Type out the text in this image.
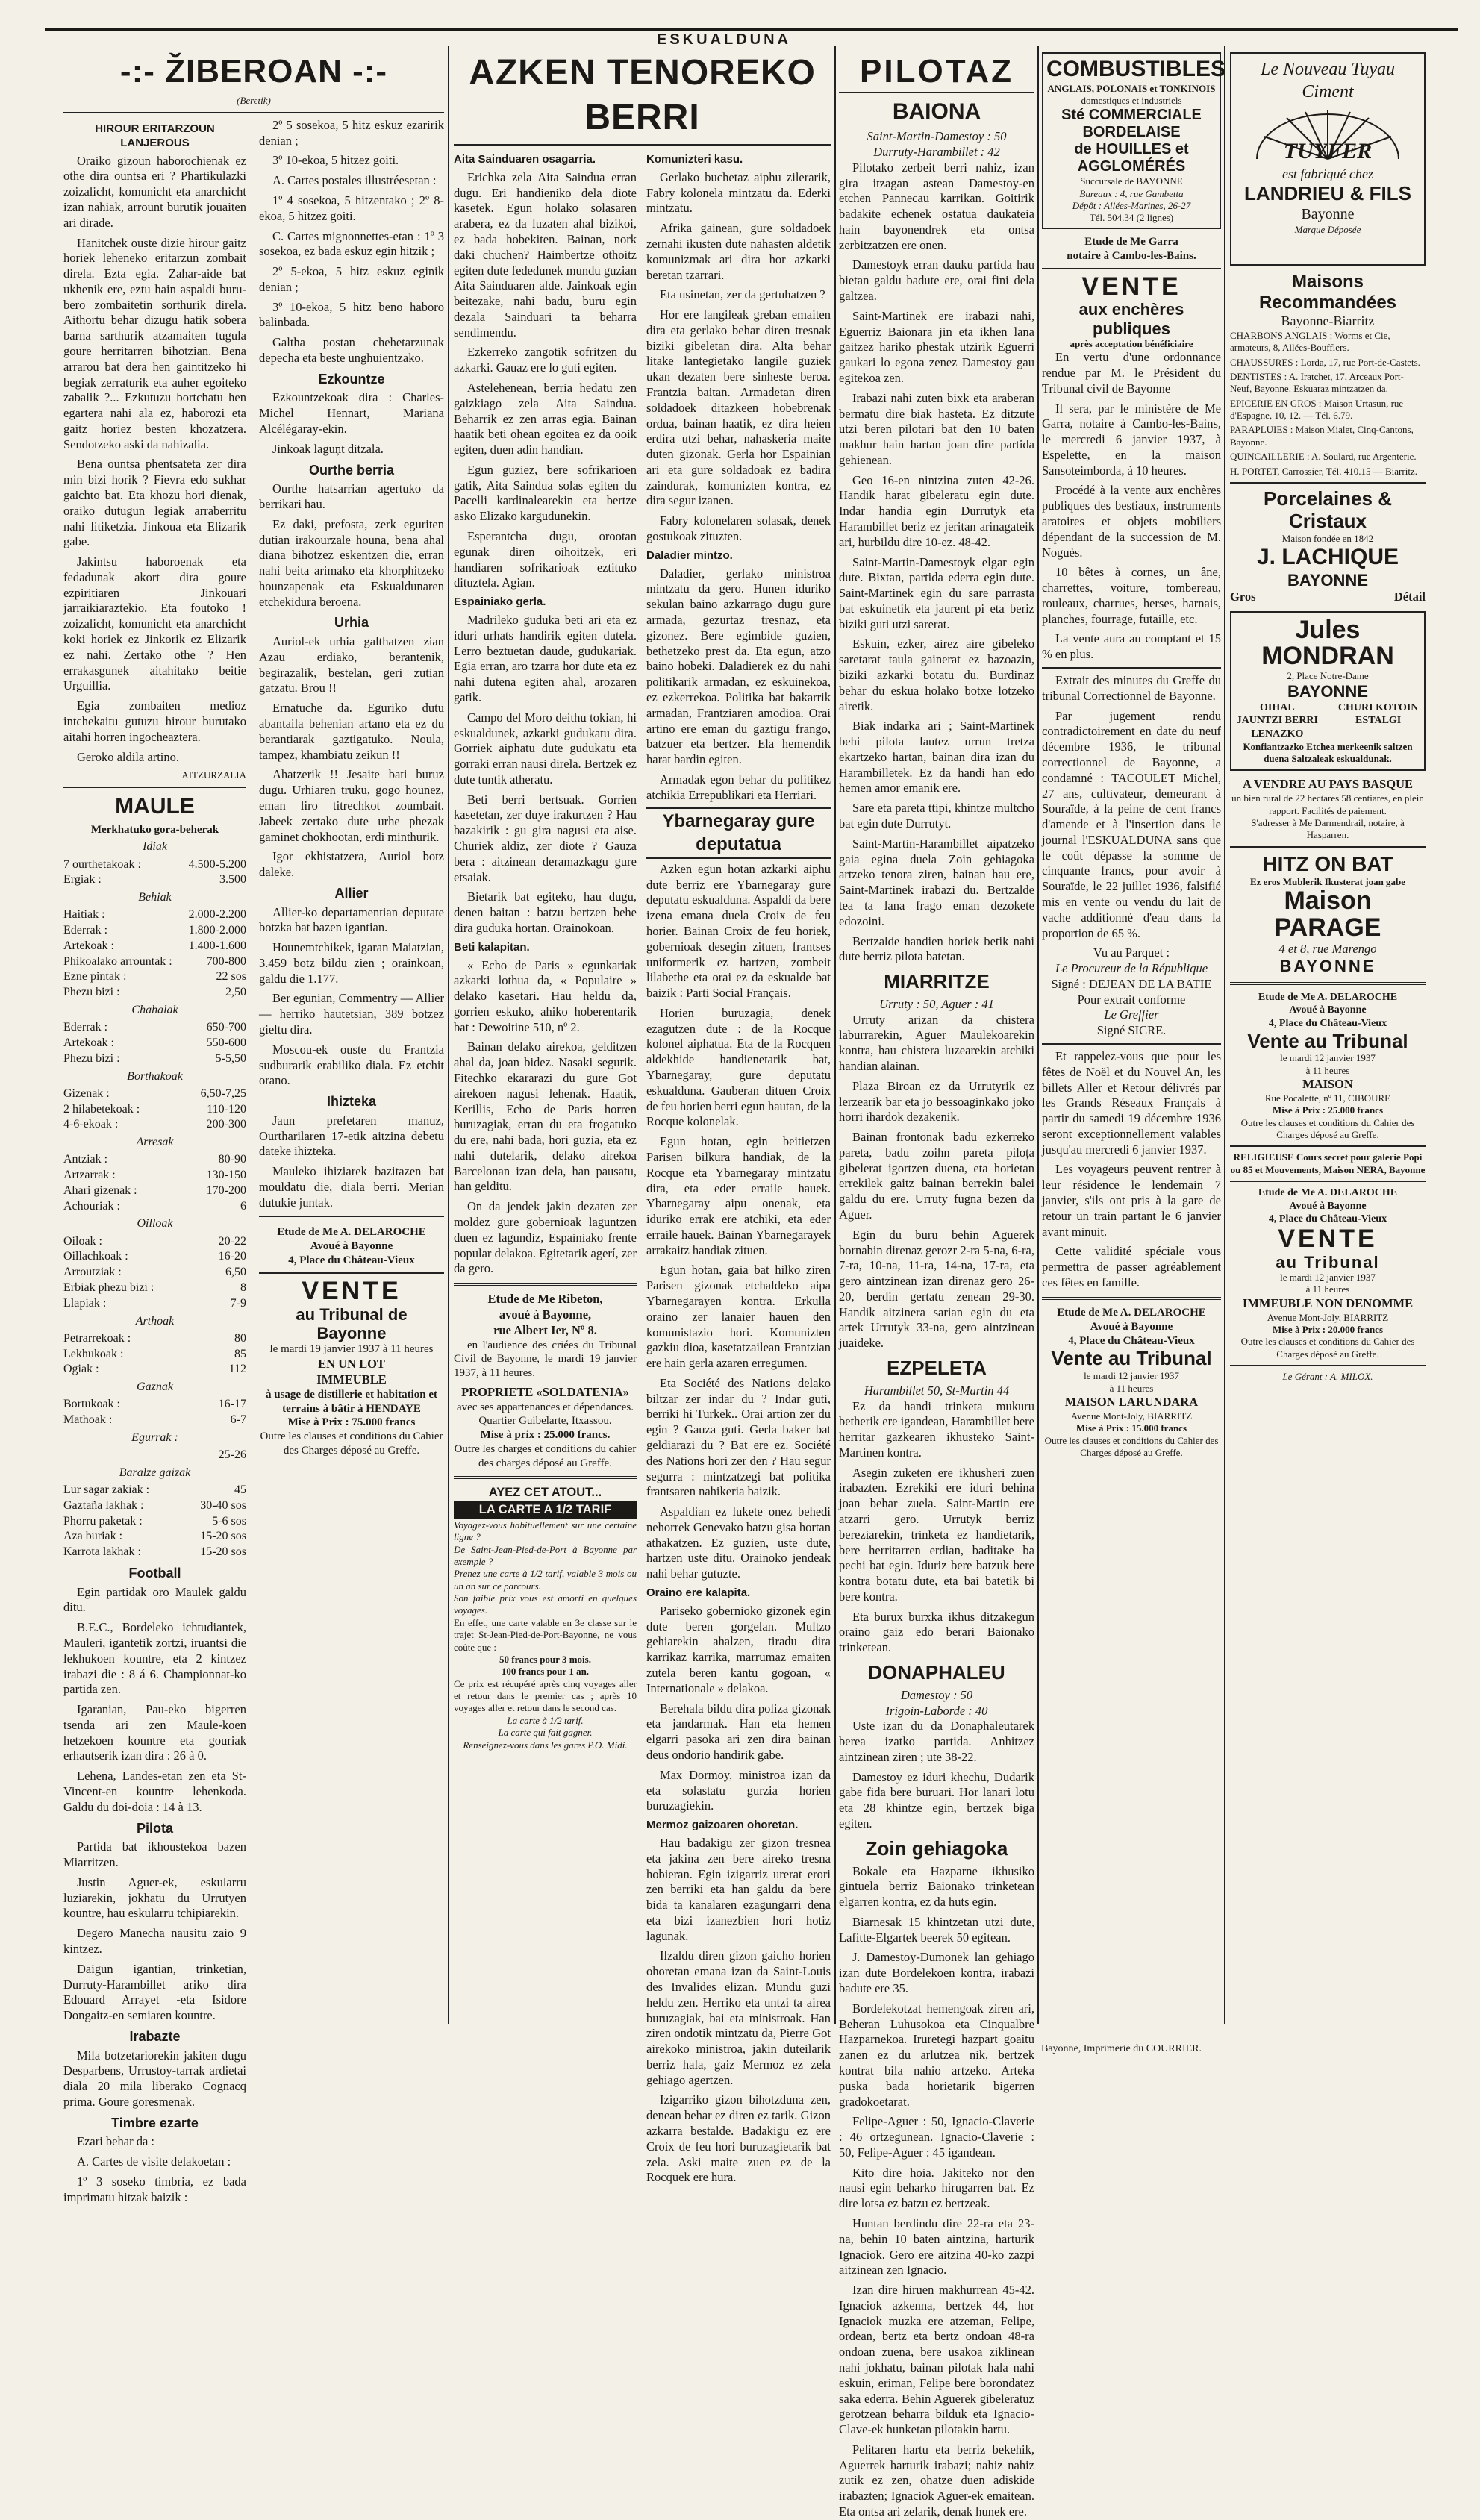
ESKUALDUNA
-:- ŽIBEROAN -:-
(Beretik)
HIROUR ERITARZOUN LANJEROUS

Oraiko gizoun haborochienak ez othe dira ountsa eri ? Phartikulazki zoizalicht, komunicht eta anarchicht izan nahiak, arrount burutik jouaiten ari dirade.

Hanitchek ouste dizie hirour gaitz horiek leheneko eritarzun zombait direla. Ezta egia. Zahar-aide bat ukhenik ere, eztu hain aspaldi buru-bero zombaitetin sorthurik direla. Aithortu behar dizugu hatik sobera barna sarthurik atzamaiten tugula goure herritarren bihotzian. Bena arrarou bat dera hen gaintitzeko hi begiak zerraturik eta auher egoiteko zabalik ?... Ezkutuzu bortchatu hen egartera nahi ala ez, haborozi eta gaitz horiez besten khozatzera. Sendotzeko aski da nahizalia.

Bena ountsa phentsateta zer dira min bizi horik ? Fievra edo sukhar gaichto bat. Eta khozu hori dienak, oraiko dutugun legiak arraberritu nahi litiketzia. Jinkoua eta Elizarik gabe.

Jakintsu haboroenak eta fedadunak akort dira goure ezpiritiaren Jinkouari jarraikiaraztekio. Eta foutoko ! zoizalicht, komunicht eta anarchicht koki horiek ez Jinkorik ez Elizarik ez nahi. Zertako othe ? Hen errakasgunek aitahitako beitie Urguillia.

Egia zombaiten medioz intchekaitu gutuzu hirour burutako aitahi horren ingocheaztera.

Geroko aldila artino.

AITZURZALIA
MAULE
Merkhatuko gora-beherak
Idiak
7 ourthetakoak :	4.500-5.200
Ergiak :	3.500
Behiak
Haitiak :	2.000-2.200
Ederrak :	1.800-2.000
Artekoak :	1.400-1.600
Phikoalako arrountak :	700-800
Ezne pintak :	22 sos
Phezu bizi :	2,50
Chahalak
Ederrak :	650-700
Artekoak :	550-600
Phezu bizi :	5-5,50
Borthakoak
Gizenak :	6,50-7,25
2 hilabetekoak :	110-120
4-6-ekoak :	200-300
Arresak
Antziak :	80-90
Artzarrak :	130-150
Ahari gizenak :	170-200
Achouriak :	6
Oilloak
Oiloak :	20-22
Oillachkoak :	16-20
Arroutziak :	6,50
Erbiak phezu bizi :	8
Llapiak :	7-9
Arthoak
Petrarrekoak :	80
Lekhukoak :	85
Ogiak :	112
Gaznak
Bortukoak :	16-17
Mathoak :	6-7
Egurrak :
25-26
Baralze gaizak
Lur sagar zakiak :	45
Gaztaña lakhak :	30-40 sos
Phorru paketak :	5-6 sos
Aza buriak :	15-20 sos
Karrota lakhak :	15-20 sos
Football

Egin partidak oro Maulek galdu ditu.

B.E.C., Bordeleko ichtudiantek, Mauleri, igantetik zortzi, iruantsi die lekhukoen kountre, eta 2 kintzez irabazi die : 8 á 6. Championnat-ko partida zen.

Igaranian, Pau-eko bigerren tsenda ari zen Maule-koen hetzekoen kountre eta gouriak erhautserik izan dira : 26 à 0.

Lehena, Landes-etan zen eta St-Vincent-en kountre lehenkoda. Galdu du doi-doia : 14 à 13.

Pilota

Partida bat ikhoustekoa bazen Miarritzen.

Justin Aguer-ek, eskularru luziarekin, jokhatu du Urrutyen kountre, hau eskularru tchipiarekin.

Degero Manecha nausitu zaio 9 kintzez.

Daigun igantian, trinketian, Durruty-Harambillet ariko dira Edouard Arrayet -eta Isidore Dongaitz-en semiaren kountre.

Irabazte

Mila botzetariorekin jakiten dugu Desparbens, Urrustoy-tarrak ardietai diala 20 mila liberako Cognacq prima. Goure goresmenak.

Timbre ezarte

Ezari behar da :

A. Cartes de visite delakoetan :

1º 3 soseko timbria, ez bada imprimatu hitzak baizik :

2º 5 sosekoa, 5 hitz eskuz ezaririk denian ;

3º 10-ekoa, 5 hitzez goiti.

A. Cartes postales illustréesetan :

1º 4 sosekoa, 5 hitzentako ; 2º 8-ekoa, 5 hitzez goiti.

C. Cartes mignonnettes-etan : 1º 3 sosekoa, ez bada eskuz egin hitzik ;

2º 5-ekoa, 5 hitz eskuz eginik denian ;

3º 10-ekoa, 5 hitz beno haboro balinbada.

Galtha postan chehetarzunak depecha eta beste unghuientzako.

Ezkountze

Ezkountzekoak dira : Charles-Michel Hennart, Mariana Alcélégaray-ekin.

Jinkoak laguņt ditzala.

Ourthe berria

Ourthe hatsarrian agertuko da berrikari hau.

Ez daki, prefosta, zerk eguriten dutian irakourzale houna, bena ahal diana bihotzez eskentzen die, erran nahi beita arimako eta khorphitzeko hounzapenak eta Eskualdunaren etchekidura beroena.

Urhia

Auriol-ek urhia galthatzen zian Azau erdiako, berantenik, begirazalik, bestelan, geri zutian gatzatu. Brou !!

Ernatuche da. Eguriko dutu abantaila behenian artano eta ez du berantiarak gaztigatuko. Noula, tampez, khambiatu zeikun !!

Ahatzerik !! Jesaite bati buruz dugu. Urhiaren truku, gogo hounez, eman liro titrechkot zoumbait. Jabeek zertako dute urhe phezak gaminet chokhootan, erdi minthurik.

Igor ekhistatzera, Auriol botz daleke.

Allier

Allier-ko departamentian deputate botzka bat bazen igantian.

Hounemtchikek, igaran Maiatzian, 3.459 botz bildu zien ; orainkoan, galdu die 1.177.

Ber egunian, Commentry — Allier — herriko hautetsian, 389 botzez gieltu dira.

Moscou-ek ouste du Frantzia sudburarik erabiliko diala. Ez etchit orano.

Ihizteka

Jaun prefetaren manuz, Ourtharilaren 17-etik aitzina debetu dateke ihizteka.

Mauleko ihiziarek bazitazen bat mouldatu die, diala berri. Merian dutukie juntak.

Etude de Me A. DELAROCHE
Avoué à Bayonne
4, Place du Château-Vieux
VENTE
au Tribunal de Bayonne
le mardi 19 janvier 1937 à 11 heures
EN UN LOT
IMMEUBLE
à usage de distillerie et habitation et terrains à bâtir à HENDAYE
Mise à Prix : 75.000 francs
Outre les clauses et conditions du Cahier des Charges déposé au Greffe.
AZKEN TENOREKO BERRI
Aita Sainduaren osagarria.

Erichka zela Aita Saindua erran dugu. Eri handieniko dela diote kasetek. Egun holako solasaren arabera, ez da luzaten ahal bizikoi, ez bada hobekiten. Bainan, nork daki chuchen? Haimbertze othoitz egiten dute fededunek mundu guzian Aita Sainduaren alde. Jainkoak egin beitezake, nahi badu, buru egin dezala Sainduari ta beharra sendimendu.

Ezkerreko zangotik sofritzen du azkarki. Gauaz ere lo guti egiten.

Astelehenean, berria hedatu zen gaizkiago zela Aita Saindua. Beharrik ez zen arras egia. Bainan haatik beti ohean egoitea ez da ooik egiten, duen adin handian.

Egun guziez, bere sofrikarioen gatik, Aita Saindua solas egiten du Pacelli kardinalearekin eta bertze asko Elizako kargudunekin.

Esperantcha dugu, orootan egunak diren oihoitzek, eri handiaren sofrikarioak eztituko dituztela. Agian.

Espainiako gerla.

Madrileko guduka beti ari eta ez iduri urhats handirik egiten dutela. Lerro beztuetan daude, gudukariak. Egia erran, aro tzarra hor dute eta ez nahi dutena egiten ahal, arozaren gatik.

Campo del Moro deithu tokian, hi eskualdunek, azkarki gudukatu dira. Gorriek aiphatu dute gudukatu eta gorraki erran nausi direla. Bertzek ez dute tuntik atheratu.

Beti berri bertsuak. Gorrien kasetetan, zer duye irakurtzen ? Hau bazakirik : gu gira nagusi eta aise. Churiek aldiz, zer diote ? Gauza bera : aitzinean deramazkagu gure etsaiak.

Bietarik bat egiteko, hau dugu, denen baitan : batzu bertzen behe dira guduka hortan. Orainokoan.

Beti kalapitan.

« Echo de Paris » egunkariak azkarki lothua da, « Populaire » delako kasetari. Hau heldu da, gorrien eskuko, ahiko hoberentarik bat : Dewoitine 510, nº 2.

Bainan delako airekoa, gelditzen ahal da, joan bidez. Nasaki segurik. Fitechko ekararazi du gure Got airekoen nagusi lehenak. Haatik, Kerillis, Echo de Paris horren buruzagiak, erran du eta frogatuko du ere, nahi bada, hori guzia, eta ez nahi dutelarik, delako airekoa Barcelonan izan dela, han pausatu, han gelditu.

On da jendek jakin dezaten zer moldez gure gobernioak laguntzen duen ez lagundiz, Espainiako frente popular delakoa. Egitetarik agerí, zer da gero.

Etude de Me Ribeton,
avoué à Bayonne,
rue Albert Ier, Nº 8.

en l'audience des criées du Tribunal Civil de Bayonne, le mardi 19 janvier 1937, à 11 heures.

PROPRIETE «SOLDATENIA»
avec ses appartenances et dépendances.
Quartier Guibelarte, Itxassou.
Mise à prix : 25.000 francs.
Outre les charges et conditions du cahier des charges déposé au Greffe.
AYEZ CET ATOUT...
LA CARTE A 1/2 TARIF
Voyagez-vous habituellement sur une certaine ligne ?
De Saint-Jean-Pied-de-Port à Bayonne par exemple ?
Prenez une carte à 1/2 tarif, valable 3 mois ou un an sur ce parcours.
Son faible prix vous est amorti en quelques voyages.
En effet, une carte valable en 3e classe sur le trajet St-Jean-Pied-de-Port-Bayonne, ne vous coûte que :
50 francs pour 3 mois.
100 francs pour 1 an.
Ce prix est récupéré après cinq voyages aller et retour dans le premier cas ; après 10 voyages aller et retour dans le second cas.
La carte à 1/2 tarif.
La carte qui fait gagner.
Renseignez-vous dans les gares P.O. Midi.
Komunizteri kasu.

Gerlako buchetaz aiphu zilerarik, Fabry kolonela mintzatu da. Ederki mintzatu.

Afrika gainean, gure soldadoek zernahi ikusten dute nahasten aldetik komunizmak ari dira hor azkarki beretan tzarrari.

Eta usinetan, zer da gertuhatzen ?

Hor ere langileak greban emaiten dira eta gerlako behar diren tresnak biziki gibeletan dira. Alta behar litake lantegietako langile guziek ukan dezaten bere sinheste beroa. Frantzia baitan. Armadetan diren soldadoek ditazkeen hobebrenak ordua, bainan haatik, ez dira heien erdira utzi behar, nahaskeria maite duten gizonak. Gerla hor Espainian ari eta gure soldadoak ez badira zaindurak, komunizten kontra, ez dira segur izanen.

Fabry kolonelaren solasak, denek gostukoak zituzten.

Daladier mintzo.

Daladier, gerlako ministroa mintzatu da gero. Hunen iduriko sekulan baino azkarrago dugu gure armada, gezurtaz tresnaz, eta gizonez. Bere egimbide guzien, bethetzeko prest da. Eta egun, atzo baino hobeki. Daladierek ez du nahi politikarik armadan, ez eskuinekoa, ez ezkerrekoa. Politika bat bakarrik armadan, Frantziaren amodioa. Orai artino ere eman du gaztigu frango, batzuer eta bertzer. Ela hemendik harat bardin egiten.

Armadak egon behar du politikez atchikia Errepublikari eta Herriari.

Ybarnegaray gure deputatua

Azken egun hotan azkarki aiphu dute berriz ere Ybarnegaray gure deputatu eskualduna. Aspaldi da bere izena emana duela Croix de feu horier. Bainan Croix de feu horiek, gobernioak desegin zituen, frantses uniformerik ez hartzen, zombeit lilabethe eta orai ez da eskualde bat baizik : Parti Social Français.

Horien buruzagia, denek ezagutzen dute : de la Rocque kolonel aiphatua. Eta de la Rocquen aldekhide handienetarik bat, Ybarnegaray, gure deputatu eskualduna. Gauberan dituen Croix de feu horien berri egun hautan, de la Rocque kolonelak.

Egun hotan, egin beitietzen Parisen bilkura handiak, de la Rocque eta Ybarnegaray mintzatu dira, eta eder erraile hauek. Ybarnegaray aipu onenak, eta iduriko errak ere atchiki, eta eder erraile hauek. Bainan Ybarnegarayek arrakaitz handiak zituen.

Egun hotan, gaia bat hilko ziren Parisen gizonak etchaldeko aipa Ybarnegarayen kontra. Erkulla oraino zer lanaier hauen den komunistazio hori. Komunizten gazkiu dioa, kasetatzailean Frantzian ere hain gerla azaren erregumen.

Eta Société des Nations delako biltzar zer indar du ? Indar guti, berriki hi Turkek.. Orai artion zer du egin ? Gauza guti. Gerla baker bat geldiarazi du ? Bat ere ez. Société des Nations hori zer den ? Hau segur segurra : mintzatzegi bat politika frantsaren nahikeria baizik.

Aspaldian ez lukete onez behedi nehorrek Genevako batzu gisa hortan athakatzen. Ez guzien, uste dute, hartzen uste ditu. Orainoko jendeak nahi behar gutuzte.

Oraino ere kalapita.

Pariseko gobernioko gizonek egin dute beren gorgelan. Multzo gehiarekin ahalzen, tiradu dira karrikaz karrika, marrumaz emaiten zutela beren kantu gogoan, « Internationale » delakoa.

Berehala bildu dira poliza gizonak eta jandarmak. Han eta hemen elgarri pasoka ari zen dira bainan deus ondorio handirik gabe.

Max Dormoy, ministroa izan da eta solastatu gurzia horien buruzagiekin.

Mermoz gaizoaren ohoretan.

Hau badakigu zer gizon tresnea eta jakina zen bere aireko tresna hobieran. Egin izigarriz urerat erori zen berriki eta han galdu da bere bida ta kanalaren ezagungarri dena eta bizi izanezbien hori hotiz lagunak.

Ilzaldu diren gizon gaicho horien ohoretan emana izan da Saint-Louis des Invalides elizan. Mundu guzi heldu zen. Herriko eta untzi ta airea buruzagiak, bai eta ministroak. Han ziren ondotik mintzatu da, Pierre Got airekoko ministroa, jakin duteilarik berriz hala, gaiz Mermoz ez zela gehiago agertzen.

Izigarriko gizon bihotzduna zen, denean behar ez diren ez tarik. Gizon azkarra bestalde. Badakigu ez ere Croix de feu hori buruzagietarik bat zela. Aski maite zuen ez de la Rocquek ere hura.

PILOTAZ
BAIONA
Saint-Martin-Damestoy : 50
Durruty-Harambillet : 42

Pilotako zerbeit berri nahiz, izan gira itzagan astean Damestoy-en etchen Pannecau karrikan. Goitirik badakite echenek ostatua daukateia hain bayonendrek eta ontsa zerbitzatzen ere onen.

Damestoyk erran dauku partida hau bietan galdu badute ere, orai fini dela galtzea.

Saint-Martinek ere irabazi nahi, Eguerriz Baionara jin eta ikhen lana gaitzez hariko phestak utzirik Eguerri gaukari lo egona zenez Damestoy gau egitekoa zen.

Irabazi nahi zuten bixk eta araberan bermatu dire biak hasteta. Ez ditzute utzi beren pilotari bat den 10 baten makhur hain hartan joan dire partida gehienean.

Geo 16-en nintzina zuten 42-26. Handik harat gibeleratu egin dute. Indar handia egin Durrutyk eta Harambillet beriz ez jeritan arinagateik ari, hurbildu dire 10-ez. 48-42.

Saint-Martin-Damestoyk elgar egin dute. Bixtan, partida ederra egin dute. Saint-Martinek egin du sare parrasta bat eskuinetik eta jaurent pi eta beriz biziki guti utzi sarerat.

Eskuin, ezker, airez aire gibeleko saretarat taula gainerat ez bazoazin, biziki azkarki botatu du. Burdinaz behar du eskua holako botxe lotzeko airetik.

Biak indarka ari ; Saint-Martinek behi pilota lautez urrun tretza ekartzeko hartan, bainan dira izan du Harambilletek. Ez da handi han edo hemen amor emanik ere.

Sare eta pareta ttipi, khintze multcho bat egin dute Durrutyt.

Saint-Martin-Harambillet aipatzeko gaia egina duela Zoin gehiagoka artzeko tenora ziren, bainan hau ere, Saint-Martinek irabazi du. Bertzalde tea ta lana frago eman dezokete edozoini.

Bertzalde handien horiek betik nahi dute berriz pilota batetan.

MIARRITZE
Urruty : 50, Aguer : 41

Urruty arizan da chistera laburrarekin, Aguer Maulekoarekin kontra, hau chistera luzearekin atchiki handian alainan.

Plaza Biroan ez da Urrutyrik ez lerzearik bar eta jo bessoaginkako joko horri ihardok dezakenik.

Bainan frontonak badu ezkerreko pareta, badu zoihn pareta piloța gibelerat igortzen duena, eta horietan errekilek gaitz bainan berrekin balei galdu du ere. Urruty fugna bezen da Aguer.

Egin du buru behin Aguerek bornabin direnaz gerozr 2-ra 5-na, 6-ra, 7-ra, 10-na, 11-ra, 14-na, 17-ra, eta gero aintzinean izan direnaz gero 26-20, berdin gertatu zenean 29-30. Handik aitzinera sarian egin du eta artek Urrutyk 33-na, gero aintzinean juaideke.

EZPELETA
Harambillet 50, St-Martin 44

Ez da handi trinketa mukuru betherik ere igandean, Harambillet bere herritar gazkearen ikhusteko Saint-Martinen kontra.

Asegin zuketen ere ikhusheri zuen irabazten. Ezrekiki ere iduri behina joan behar zuela. Saint-Martin ere atzarri gero. Urrutyk berriz bereziarekin, trinketa ez handietarik, bere herritarren erdian, baditake ba pechi bat egin. Iduriz bere batzuk bere kontra botatu dute, eta bai batetik bi bere kontra.

Eta burux burxka ikhus ditzakegun oraino gaiz edo berari Baionako trinketean.

DONAPHALEU
Damestoy : 50
Irigoin-Laborde : 40

Uste izan du da Donaphaleutarek berea izatko partida. Anhitzez aintzinean ziren ; ute 38-22.

Damestoy ez iduri khechu, Dudarik gabe fida bere buruari. Hor lanari lotu eta 28 khintze egin, bertzek biga egiten.

Zoin gehiagoka

Bokale eta Hazparne ikhusiko gintuela berriz Baionako trinketean elgarren kontra, ez da huts egin.

Biarnesak 15 khintzetan utzi dute, Lafitte-Elgartek beerek 50 egitean.

J. Damestoy-Dumonek lan gehiago izan dute Bordelekoen kontra, irabazi badute ere 35.

Bordelekotzat hemengoak ziren ari, Beheran Luhusokoa eta Cinqualbre Hazparnekoa. Iruretegi hazpart goaitu zanen ez du arlutzea nik, bertzek kontrat bila nahio artzeko. Arteka puska bada horietarik bigerren gradokoetarat.

Felipe-Aguer : 50, Ignacio-Claverie : 46 ortzegunean. Ignacio-Claverie : 50, Felipe-Aguer : 45 igandean.

Kito dire hoia. Jakiteko nor den nausi egin beharko hirugarren bat. Ez dire lotsa ez batzu ez bertzeak.

Huntan berdindu dire 22-ra eta 23-na, behin 10 baten aintzina, harturik Ignaciok. Gero ere aitzina 40-ko zazpi aitzinean zen Ignacio.

Izan dire hiruen makhurrean 45-42. Ignaciok azkenna, bertzek 44, hor Ignaciok muzka ere atzeman, Felipe, ordean, bertz eta bertz ondoan 48-ra ondoan zuena, bere usakoa ziklinean nahi jokhatu, bainan pilotak hala nahi eskuin, eriman, Felipe bere borondatez saka ederra. Behin Aguerek gibeleratuz gerotzean beharra bilduk eta Ignacio-Clave-ek hunketan pilotakin hartu.

Pelitaren hartu eta berriz bekehik, Aguerrek harturik irabazi; nahiz nahiz zutik ez zen, ohatze duen adiskide irabazten; Ignaciok Aguer-ek emaitean. Eta ontsa ari zelarik, denak hunek ere.

COMBUSTIBLES
ANGLAIS, POLONAIS et TONKINOIS
domestiques et industriels
Sté COMMERCIALE BORDELAISE
de HOUILLES et AGGLOMÉRÉS
Succursale de BAYONNE
Bureaux : 4, rue Gambetta
Dépôt : Allées-Marines, 26-27
Tél. 504.34 (2 lignes)
Etude de Me Garra
notaire à Cambo-les-Bains.
VENTE
aux enchères publiques
après acceptation bénéficiaire

En vertu d'une ordonnance rendue par M. le Président du Tribunal civil de Bayonne

Il sera, par le ministère de Me Garra, notaire à Cambo-les-Bains, le mercredi 6 janvier 1937, à Espelette, en la maison Sansoteimborda, à 10 heures.

Procédé à la vente aux enchères publiques des bestiaux, instruments aratoires et objets mobiliers dépendant de la succession de M. Noguès.

10 bêtes à cornes, un âne, charrettes, voiture, tombereau, rouleaux, charrues, herses, harnais, planches, fourrage, futaille, etc.

La vente aura au comptant et 15 % en plus.

Extrait des minutes du Greffe du tribunal Correctionnel de Bayonne.

Par jugement rendu contradictoirement en date du neuf décembre 1936, le tribunal correctionnel de Bayonne, a condamné : TACOULET Michel, 27 ans, cultivateur, demeurant à Souraïde, à la peine de cent francs d'amende et à l'insertion dans le journal l'ESKUALDUNA sans que le coût dépasse la somme de cinquante francs, pour avoir à Souraïde, le 22 juillet 1936, falsifié mis en vente ou vendu du lait de vache additionné d'eau dans la proportion de 65 %.

Vu au Parquet :
Le Procureur de la République
Signé : DEJEAN DE LA BATIE
Pour extrait conforme
Le Greffier
Signé SICRE.

Et rappelez-vous que pour les fêtes de Noël et du Nouvel An, les billets Aller et Retour délivrés par les Grands Réseaux Français à partir du samedi 19 décembre 1936 seront exceptionnellement valables jusqu'au mercredi 6 janvier 1937.

Les voyageurs peuvent rentrer à leur résidence le lendemain 7 janvier, s'ils ont pris à la gare de retour un train partant le 6 janvier avant minuit.

Cette validité spéciale vous permettra de passer agréablement ces fêtes en famille.

Etude de Me A. DELAROCHE
Avoué à Bayonne
4, Place du Château-Vieux
Vente au Tribunal
le mardi 12 janvier 1937
à 11 heures
MAISON LARUNDARA
Avenue Mont-Joly, BIARRITZ
Mise à Prix : 15.000 francs
Outre les clauses et conditions du Cahier des Charges déposé au Greffe.
Le Nouveau Tuyau Ciment
TUYFER
est fabriqué chez
LANDRIEU & FILS
Bayonne
Marque Déposée
Maisons Recommandées
Bayonne-Biarritz
CHARBONS ANGLAIS : Worms et Cie, armateurs, 8, Allées-Boufflers.
CHAUSSURES : Lorda, 17, rue Port-de-Castets.
DENTISTES : A. Iratchet, 17, Arceaux Port-Neuf, Bayonne. Eskuaraz mintzatzen da.
EPICERIE EN GROS : Maison Urtasun, rue d'Espagne, 10, 12. — Tél. 6.79.
PARAPLUIES : Maison Mialet, Cinq-Cantons, Bayonne.
QUINCAILLERIE : A. Soulard, rue Argenterie.
H. PORTET, Carrossier, Tél. 410.15 — Biarritz.
Porcelaines & Cristaux
Maison fondée en 1842
J. LACHIQUE
BAYONNE
Gros	Détail
Jules MONDRAN
2, Place Notre-Dame
BAYONNE
OIHAL JAUNTZI BERRI LENAZKO
CHURI KOTOIN ESTALGI
Konfiantzazko Etchea merkeenik saltzen duena Saltzaleak eskualdunak.
A VENDRE AU PAYS BASQUE
un bien rural de 22 hectares 58 centiares, en plein rapport. Facilités de paiement.
S'adresser à Me Darmendrail, notaire, à Hasparren.
HITZ ON BAT
Ez eros Mublerik Ikusterat joan gabe
Maison PARAGE
4 et 8, rue Marengo
BAYONNE
Etude de Me A. DELAROCHE
Avoué à Bayonne
4, Place du Château-Vieux
Vente au Tribunal
le mardi 12 janvier 1937
à 11 heures
MAISON
Rue Pocalette, nº 11, CIBOURE
Mise à Prix : 25.000 francs
Outre les clauses et conditions du Cahier des Charges déposé au Greffe.
RELIGIEUSE Cours secret pour galerie Popi ou 85 et Mouvements, Maison NERA, Bayonne
Etude de Me A. DELAROCHE
Avoué à Bayonne
4, Place du Château-Vieux
VENTE
au Tribunal
le mardi 12 janvier 1937
à 11 heures
IMMEUBLE NON DENOMME
Avenue Mont-Joly, BIARRITZ
Mise à Prix : 20.000 francs
Outre les clauses et conditions du Cahier des Charges déposé au Greffe.
Le Gérant : A. MILOX.
Bayonne, Imprimerie du COURRIER.
